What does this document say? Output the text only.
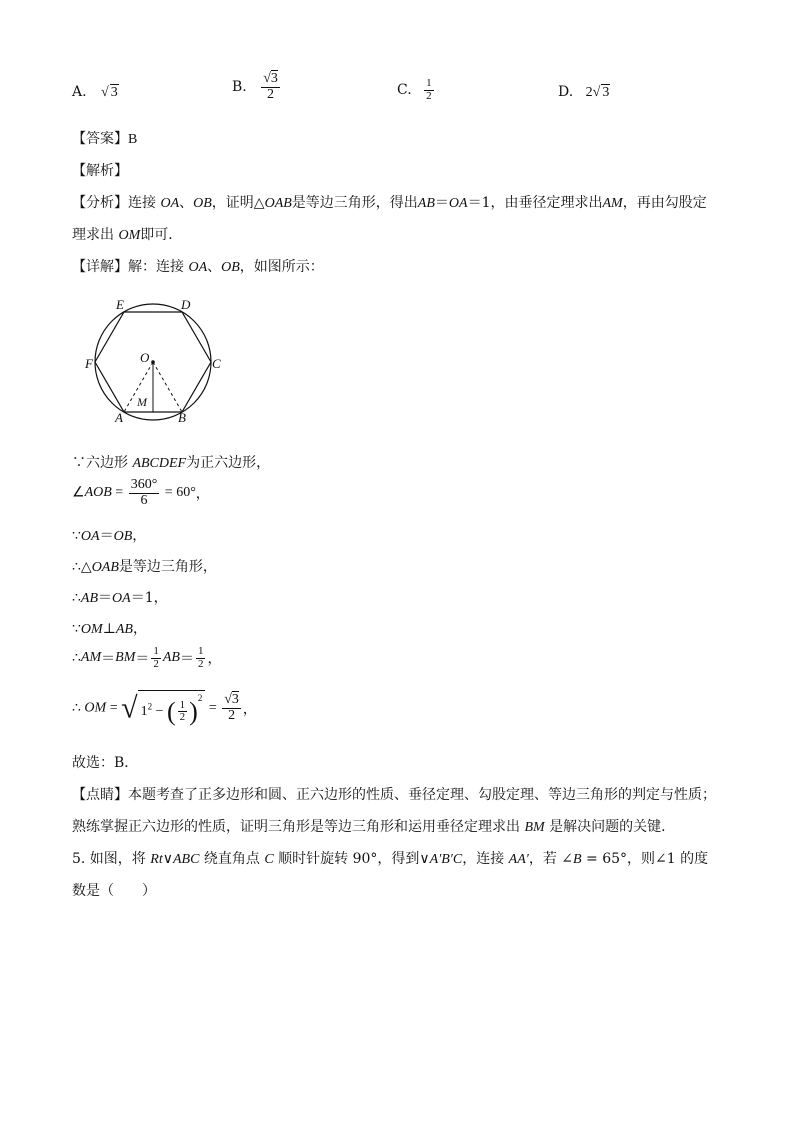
A. √ 3	B. $\frac{√3}{2}$	C. $\frac{1}{2}$	D. 2√ 3
【答案】B
【解析】
【分析】连接 OA、OB，证明△OAB是等边三角形，得出AB＝OA＝1，由垂径定理求出AM，再由勾股定
理求出 OM即可．
【详解】解：连接 OA、OB，如图所示：
E	D
F	C
O
M
A	B
∵六边形 ABCDEF为正六边形，
∠AOB = $\frac{360^\circ}{6} = 60^\circ$，
∵OA＝OB，
∴△OAB是等边三角形，
∴AB＝OA＝1，
∵OM⊥AB，
∴AM＝BM＝ $\frac{1}{2} AB= \frac{1}{2}$ ，
∴ OM = √ $1^2$ − ( $\frac{1}{2} )^2 = \frac{√3}{2}$ ，
故选：B．
【点睛】本题考查了正多边形和圆、正六边形的性质、垂径定理、勾股定理、等边三角形的判定与性质；
熟练掌握正六边形的性质，证明三角形是等边三角形和运用垂径定理求出 BM 是解决问题的关键．
5. 如图，将 Rt∨ABC 绕直角点 C 顺时针旋转 90°，得到∨A′B′C，连接 AA′，若 ∠B = 65°，则∠1 的度
数是（　　）
